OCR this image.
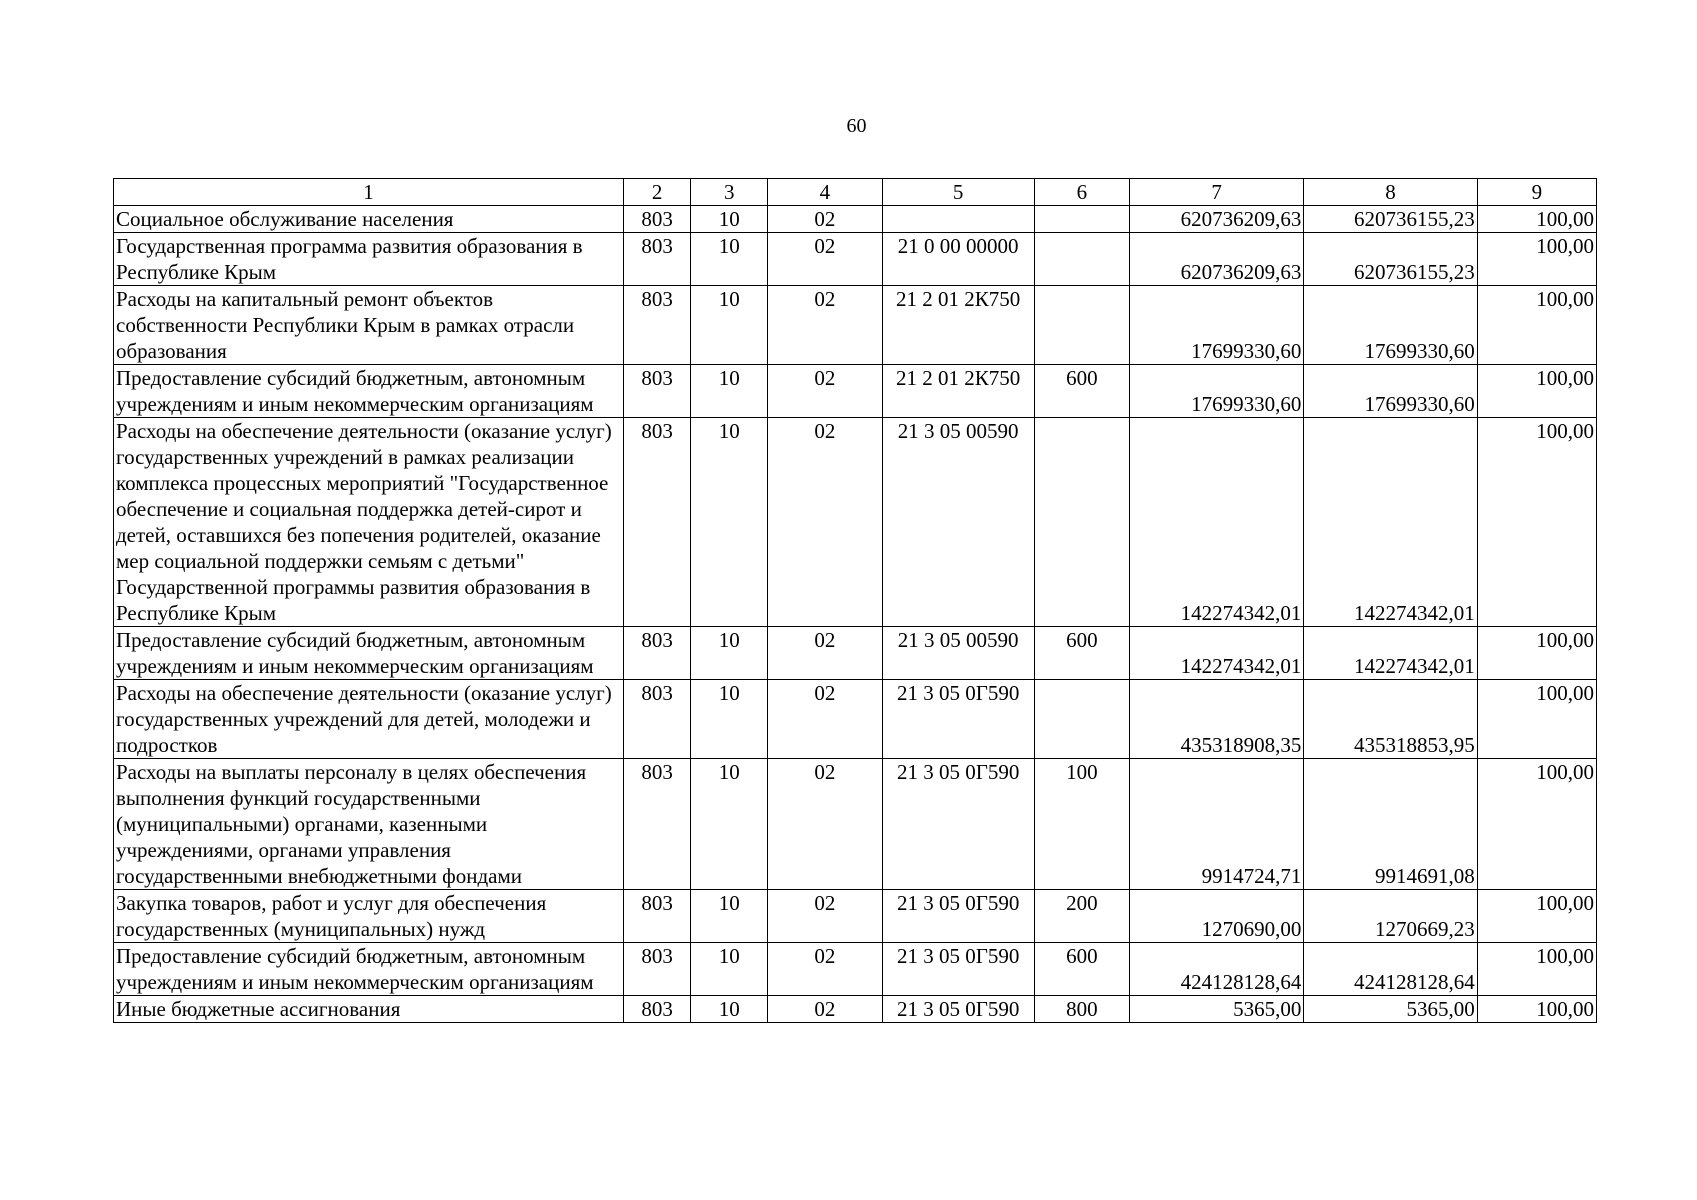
60
1	2	3	4	5	6	7	8	9
Социальное обслуживание населения	803	10	02			620736209,63	620736155,23	100,00
Государственная программа развития образования в Республике Крым	803	10	02	21 0 00 00000		620736209,63	620736155,23	100,00
Расходы на капитальный ремонт объектов собственности Республики Крым в рамках отрасли образования	803	10	02	21 2 01 2К750		17699330,60	17699330,60	100,00
Предоставление субсидий бюджетным, автономным учреждениям и иным некоммерческим организациям	803	10	02	21 2 01 2К750	600	17699330,60	17699330,60	100,00
Расходы на обеспечение деятельности (оказание услуг) государственных учреждений в рамках реализации комплекса процессных мероприятий "Государственное обеспечение и социальная поддержка детей-сирот и детей, оставшихся без попечения родителей, оказание мер социальной поддержки семьям с детьми" Государственной программы развития образования в Республике Крым	803	10	02	21 3 05 00590		142274342,01	142274342,01	100,00
Предоставление субсидий бюджетным, автономным учреждениям и иным некоммерческим организациям	803	10	02	21 3 05 00590	600	142274342,01	142274342,01	100,00
Расходы на обеспечение деятельности (оказание услуг) государственных учреждений для детей, молодежи и подростков	803	10	02	21 3 05 0Г590		435318908,35	435318853,95	100,00
Расходы на выплаты персоналу в целях обеспечения выполнения функций государственными (муниципальными) органами, казенными учреждениями, органами управления государственными внебюджетными фондами	803	10	02	21 3 05 0Г590	100	9914724,71	9914691,08	100,00
Закупка товаров, работ и услуг для обеспечения государственных (муниципальных) нужд	803	10	02	21 3 05 0Г590	200	1270690,00	1270669,23	100,00
Предоставление субсидий бюджетным, автономным учреждениям и иным некоммерческим организациям	803	10	02	21 3 05 0Г590	600	424128128,64	424128128,64	100,00
Иные бюджетные ассигнования	803	10	02	21 3 05 0Г590	800	5365,00	5365,00	100,00
